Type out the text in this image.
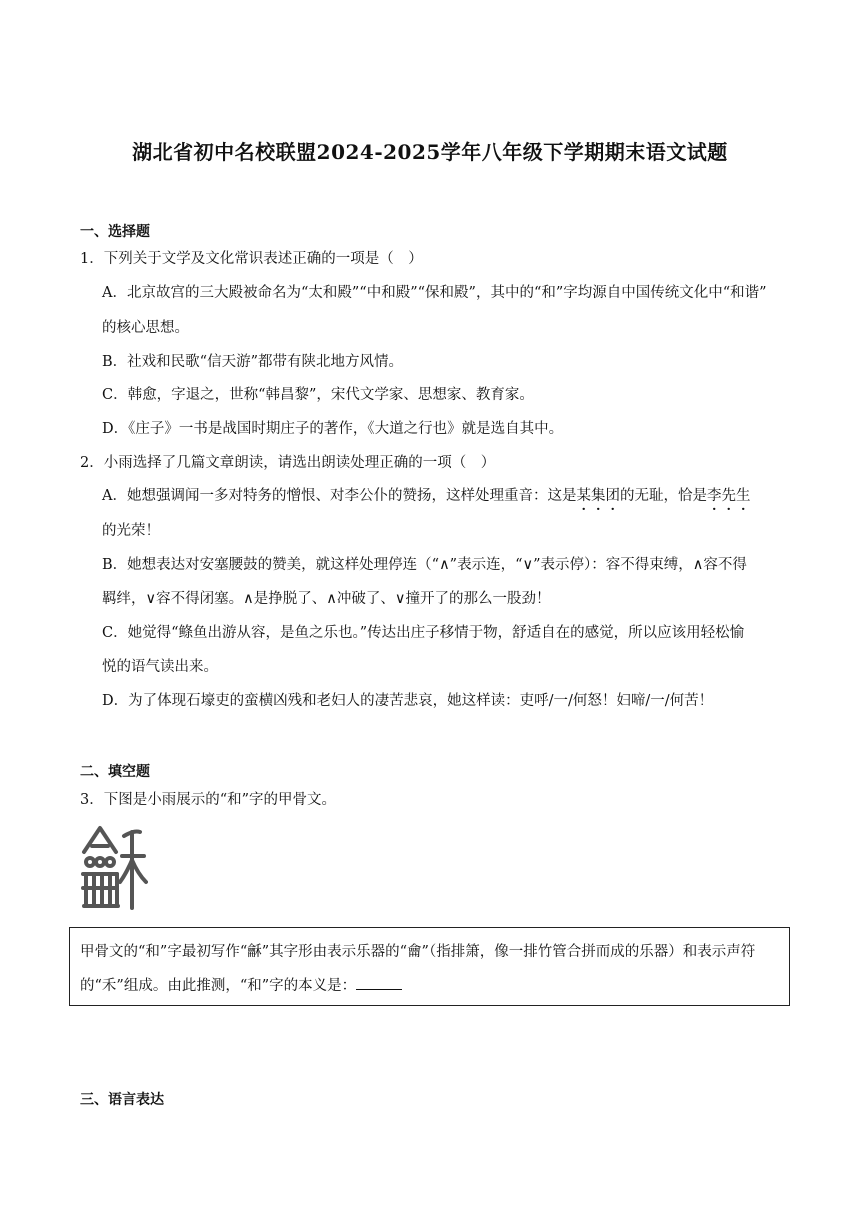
湖北省初中名校联盟2024-2025学年八年级下学期期末语文试题
一、选择题
1．下列关于文学及文化常识表述正确的一项是（　）
A．北京故宫的三大殿被命名为“太和殿”“中和殿”“保和殿”，其中的“和”字均源自中国传统文化中“和谐”
的核心思想。
B．社戏和民歌“信天游”都带有陕北地方风情。
C．韩愈，字退之，世称“韩昌黎”，宋代文学家、思想家、教育家。
D．《庄子》一书是战国时期庄子的著作，《大道之行也》就是选自其中。
2．小雨选择了几篇文章朗读，请选出朗读处理正确的一项（　）
A．她想强调闻一多对特务的憎恨、对李公仆的赞扬，这样处理重音：这是某集团的无耻，恰是李先生
的光荣！
B．她想表达对安塞腰鼓的赞美，就这样处理停连（“∧”表示连，“∨”表示停）：容不得束缚，∧容不得
羁绊，∨容不得闭塞。∧是挣脱了、∧冲破了、∨撞开了的那么一股劲！
C．她觉得“鲦鱼出游从容，是鱼之乐也。”传达出庄子移情于物，舒适自在的感觉，所以应该用轻松愉
悦的语气读出来。
D．为了体现石壕吏的蛮横凶残和老妇人的凄苦悲哀，她这样读：吏呼/一/何怒！妇啼/一/何苦！
二、填空题
3．下图是小雨展示的“和”字的甲骨文。
甲骨文的“和”字最初写作“龢”其字形由表示乐器的“龠”（指排箫，像一排竹管合拼而成的乐器）和表示声符
的“禾”组成。由此推测，“和”字的本义是：
三、语言表达
